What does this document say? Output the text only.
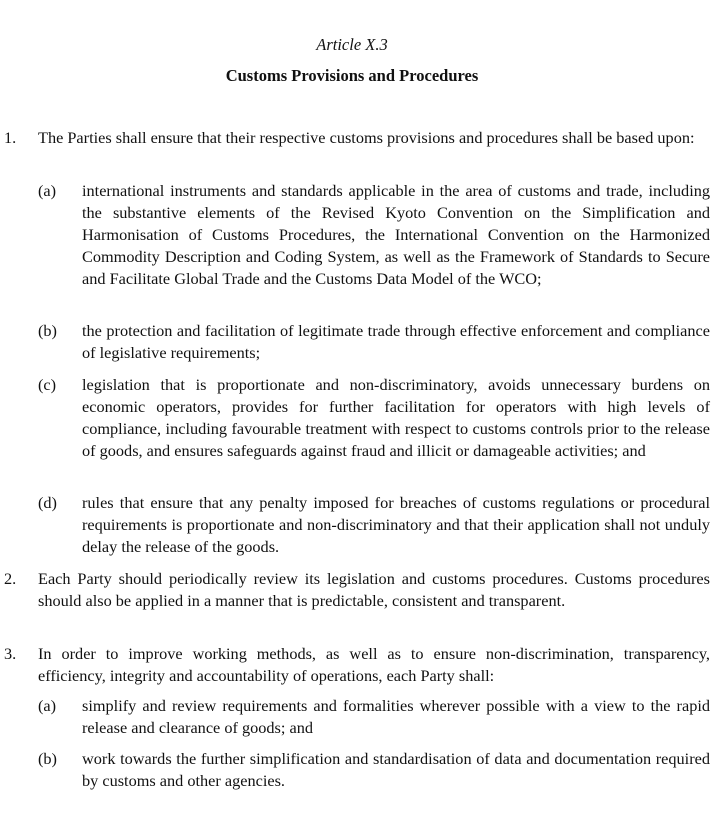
Article X.3
Customs Provisions and Procedures
1. The Parties shall ensure that their respective customs provisions and procedures shall be based upon:
(a) international instruments and standards applicable in the area of customs and trade, including the substantive elements of the Revised Kyoto Convention on the Simplification and Harmonisation of Customs Procedures, the International Convention on the Harmonized Commodity Description and Coding System, as well as the Framework of Standards to Secure and Facilitate Global Trade and the Customs Data Model of the WCO;
(b) the protection and facilitation of legitimate trade through effective enforcement and compliance of legislative requirements;
(c) legislation that is proportionate and non-discriminatory, avoids unnecessary burdens on economic operators, provides for further facilitation for operators with high levels of compliance, including favourable treatment with respect to customs controls prior to the release of goods, and ensures safeguards against fraud and illicit or damageable activities; and
(d) rules that ensure that any penalty imposed for breaches of customs regulations or procedural requirements is proportionate and non-discriminatory and that their application shall not unduly delay the release of the goods.
2. Each Party should periodically review its legislation and customs procedures. Customs procedures should also be applied in a manner that is predictable, consistent and transparent.
3. In order to improve working methods, as well as to ensure non-discrimination, transparency, efficiency, integrity and accountability of operations, each Party shall:
(a) simplify and review requirements and formalities wherever possible with a view to the rapid release and clearance of goods; and
(b) work towards the further simplification and standardisation of data and documentation required by customs and other agencies.
